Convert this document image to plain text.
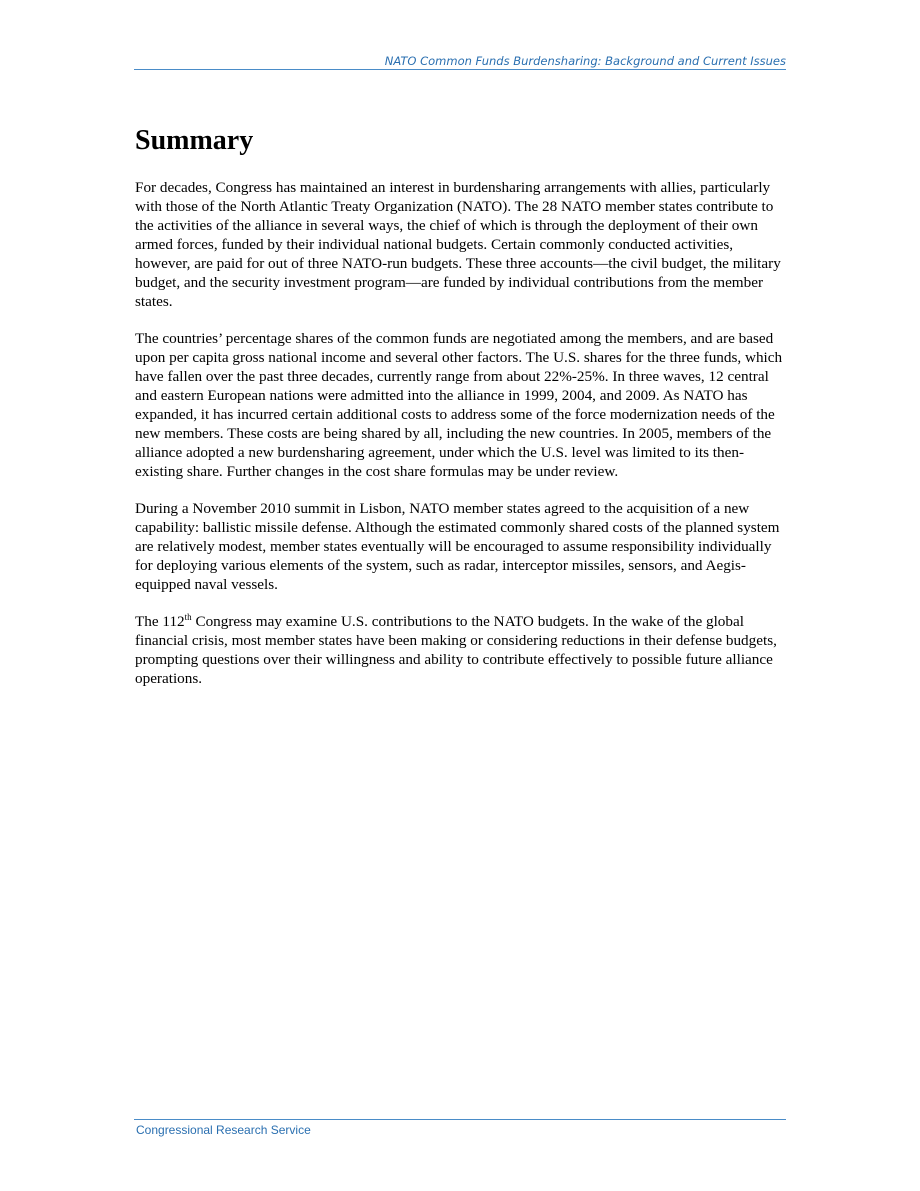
NATO Common Funds Burdensharing: Background and Current Issues
Summary

For decades, Congress has maintained an interest in burdensharing arrangements with allies, particularly with those of the North Atlantic Treaty Organization (NATO). The 28 NATO member states contribute to the activities of the alliance in several ways, the chief of which is through the deployment of their own armed forces, funded by their individual national budgets. Certain commonly conducted activities, however, are paid for out of three NATO-run budgets. These three accounts—the civil budget, the military budget, and the security investment program—are funded by individual contributions from the member states.

The countries’ percentage shares of the common funds are negotiated among the members, and are based upon per capita gross national income and several other factors. The U.S. shares for the three funds, which have fallen over the past three decades, currently range from about 22%-25%. In three waves, 12 central and eastern European nations were admitted into the alliance in 1999, 2004, and 2009. As NATO has expanded, it has incurred certain additional costs to address some of the force modernization needs of the new members. These costs are being shared by all, including the new countries. In 2005, members of the alliance adopted a new burdensharing agreement, under which the U.S. level was limited to its then-existing share. Further changes in the cost share formulas may be under review.

During a November 2010 summit in Lisbon, NATO member states agreed to the acquisition of a new capability: ballistic missile defense. Although the estimated commonly shared costs of the planned system are relatively modest, member states eventually will be encouraged to assume responsibility individually for deploying various elements of the system, such as radar, interceptor missiles, sensors, and Aegis-equipped naval vessels.

The 112th Congress may examine U.S. contributions to the NATO budgets. In the wake of the global financial crisis, most member states have been making or considering reductions in their defense budgets, prompting questions over their willingness and ability to contribute effectively to possible future alliance operations.

Congressional Research Service
